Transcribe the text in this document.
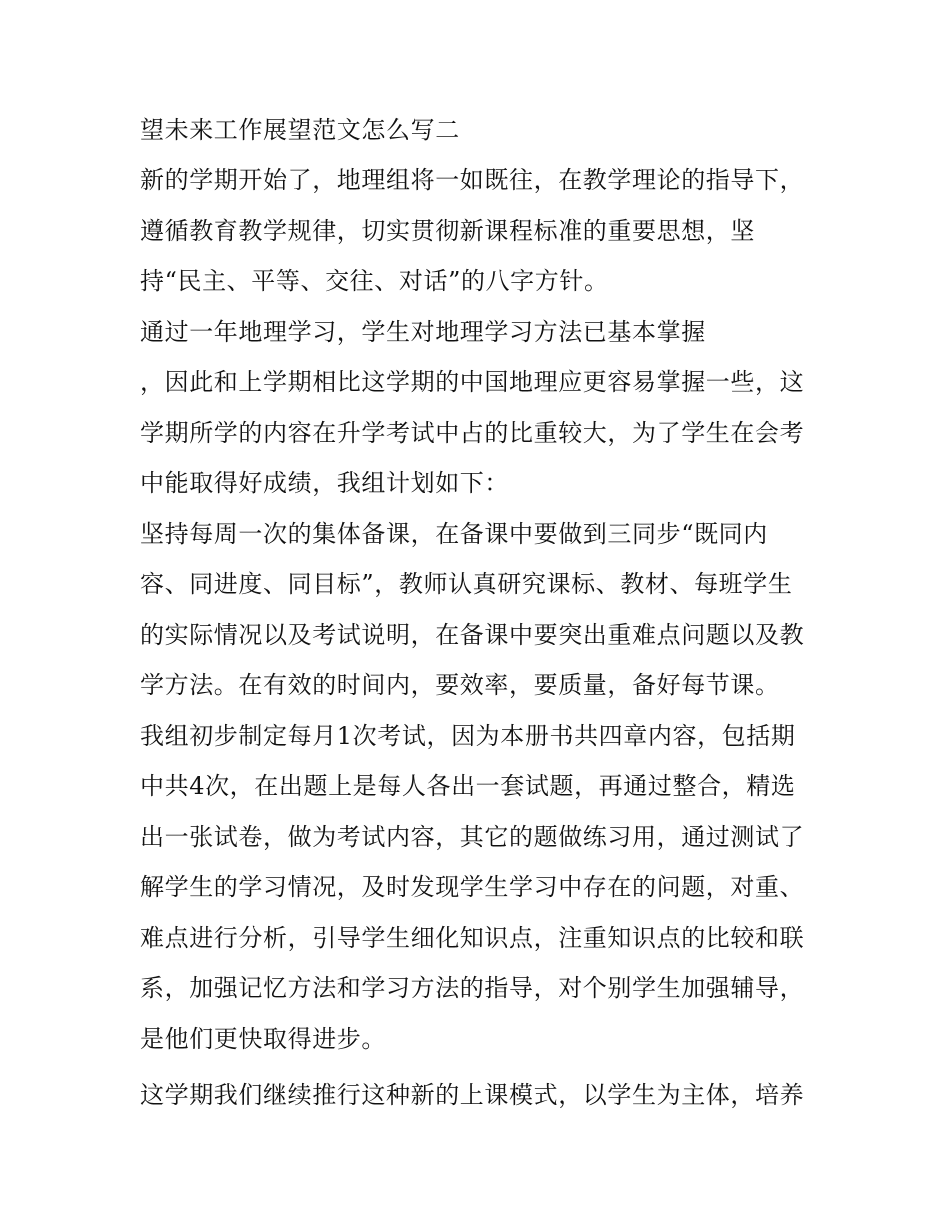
望未来工作展望范文怎么写二
新的学期开始了，地理组将一如既往，在教学理论的指导下，
遵循教育教学规律，切实贯彻新课程标准的重要思想，坚
持“民主、平等、交往、对话”的八字方针。
通过一年地理学习，学生对地理学习方法已基本掌握
，因此和上学期相比这学期的中国地理应更容易掌握一些，这
学期所学的内容在升学考试中占的比重较大，为了学生在会考
中能取得好成绩，我组计划如下：
坚持每周一次的集体备课，在备课中要做到三同步“既同内
容、同进度、同目标”，教师认真研究课标、教材、每班学生
的实际情况以及考试说明，在备课中要突出重难点问题以及教
学方法。在有效的时间内，要效率，要质量，备好每节课。
我组初步制定每月1次考试，因为本册书共四章内容，包括期
中共4次，在出题上是每人各出一套试题，再通过整合，精选
出一张试卷，做为考试内容，其它的题做练习用，通过测试了
解学生的学习情况，及时发现学生学习中存在的问题，对重、
难点进行分析，引导学生细化知识点，注重知识点的比较和联
系，加强记忆方法和学习方法的指导，对个别学生加强辅导，
是他们更快取得进步。
这学期我们继续推行这种新的上课模式，以学生为主体，培养
